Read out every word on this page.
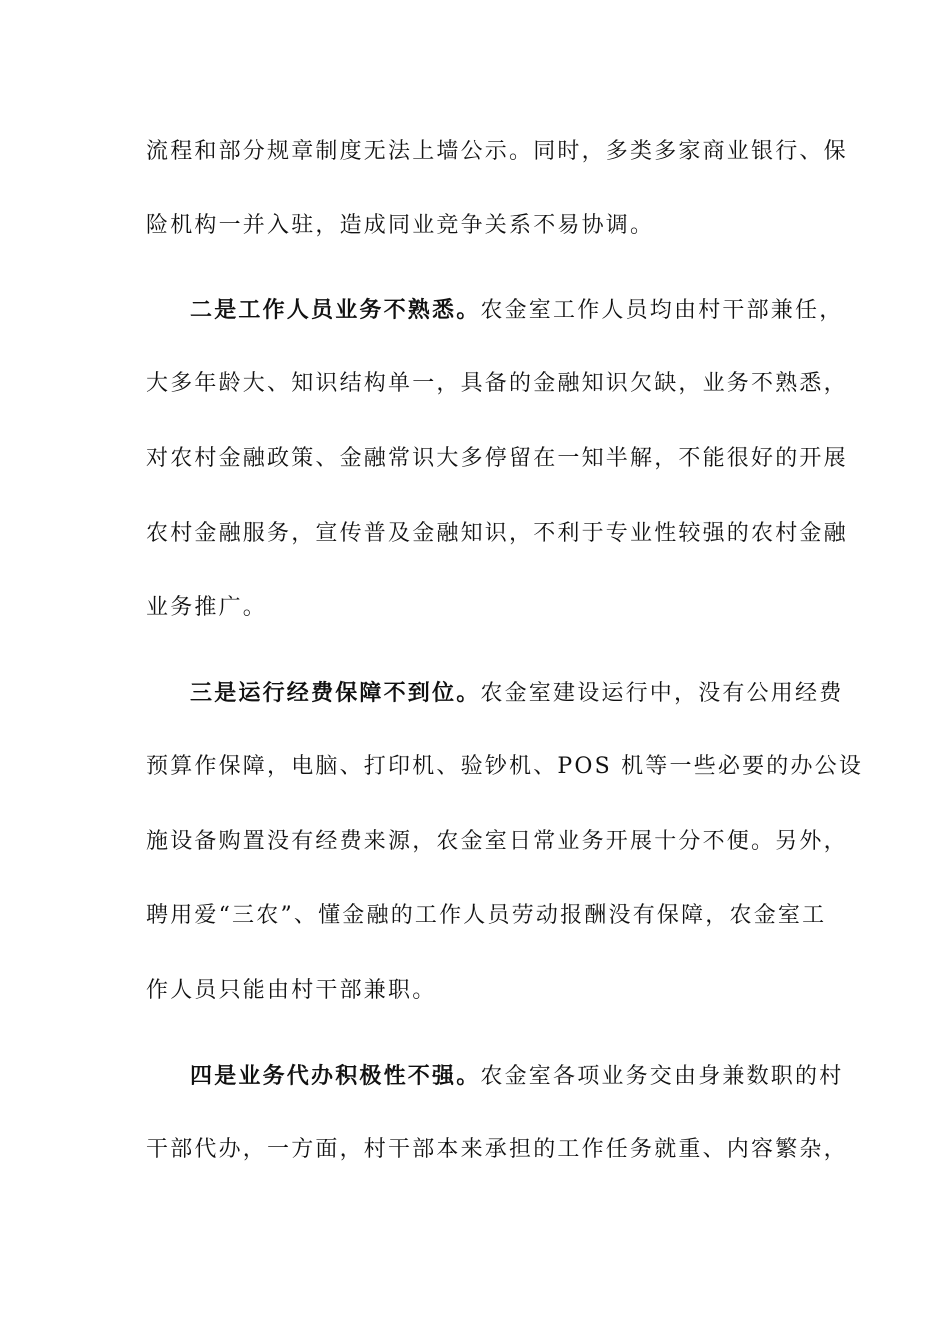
流程和部分规章制度无法上墙公示。同时，多类多家商业银行、保
险机构一并入驻，造成同业竞争关系不易协调。
二是工作人员业务不熟悉。农金室工作人员均由村干部兼任，
大多年龄大、知识结构单一，具备的金融知识欠缺，业务不熟悉，
对农村金融政策、金融常识大多停留在一知半解，不能很好的开展
农村金融服务，宣传普及金融知识，不利于专业性较强的农村金融
业务推广。
三是运行经费保障不到位。农金室建设运行中，没有公用经费
预算作保障，电脑、打印机、验钞机、POS 机等一些必要的办公设
施设备购置没有经费来源，农金室日常业务开展十分不便。另外，
聘用爱“三农”、懂金融的工作人员劳动报酬没有保障，农金室工
作人员只能由村干部兼职。
四是业务代办积极性不强。农金室各项业务交由身兼数职的村
干部代办，一方面，村干部本来承担的工作任务就重、内容繁杂，
